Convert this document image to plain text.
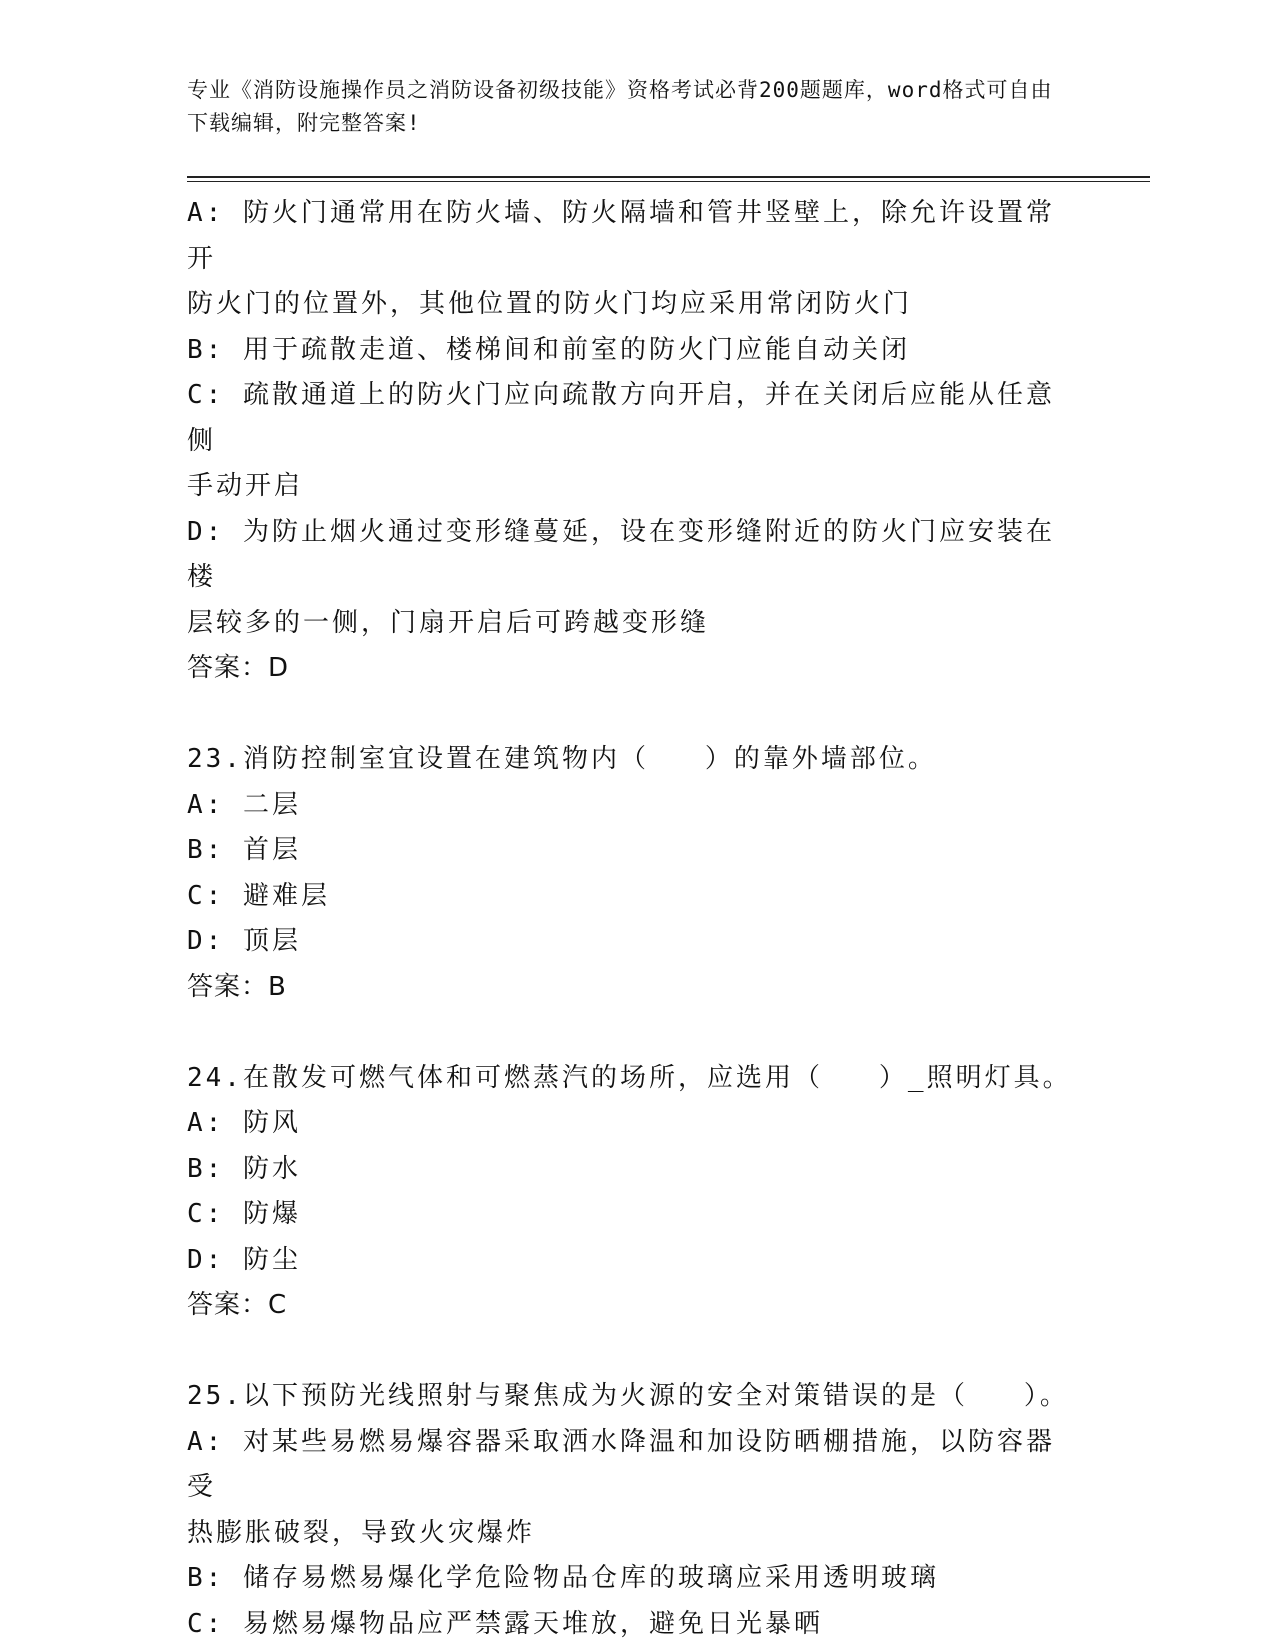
专业《消防设施操作员之消防设备初级技能》资格考试必背200题题库，word格式可自由下载编辑，附完整答案!
A: 防火门通常用在防火墙、防火隔墙和管井竖壁上，除允许设置常开
防火门的位置外，其他位置的防火门均应采用常闭防火门
B: 用于疏散走道、楼梯间和前室的防火门应能自动关闭
C: 疏散通道上的防火门应向疏散方向开启，并在关闭后应能从任意侧
手动开启
D: 为防止烟火通过变形缝蔓延，设在变形缝附近的防火门应安装在楼
层较多的一侧，门扇开启后可跨越变形缝
答案：D
23.消防控制室宜设置在建筑物内（   ）的靠外墙部位。
A: 二层
B: 首层
C: 避难层
D: 顶层
答案：B
24.在散发可燃气体和可燃蒸汽的场所，应选用（   ）_照明灯具。
A: 防风
B: 防水
C: 防爆
D: 防尘
答案：C
25.以下预防光线照射与聚焦成为火源的安全对策错误的是（   ）。
A: 对某些易燃易爆容器采取洒水降温和加设防晒棚措施，以防容器受
热膨胀破裂，导致火灾爆炸
B: 储存易燃易爆化学危险物品仓库的玻璃应采用透明玻璃
C: 易燃易爆物品应严禁露天堆放，避免日光暴晒
